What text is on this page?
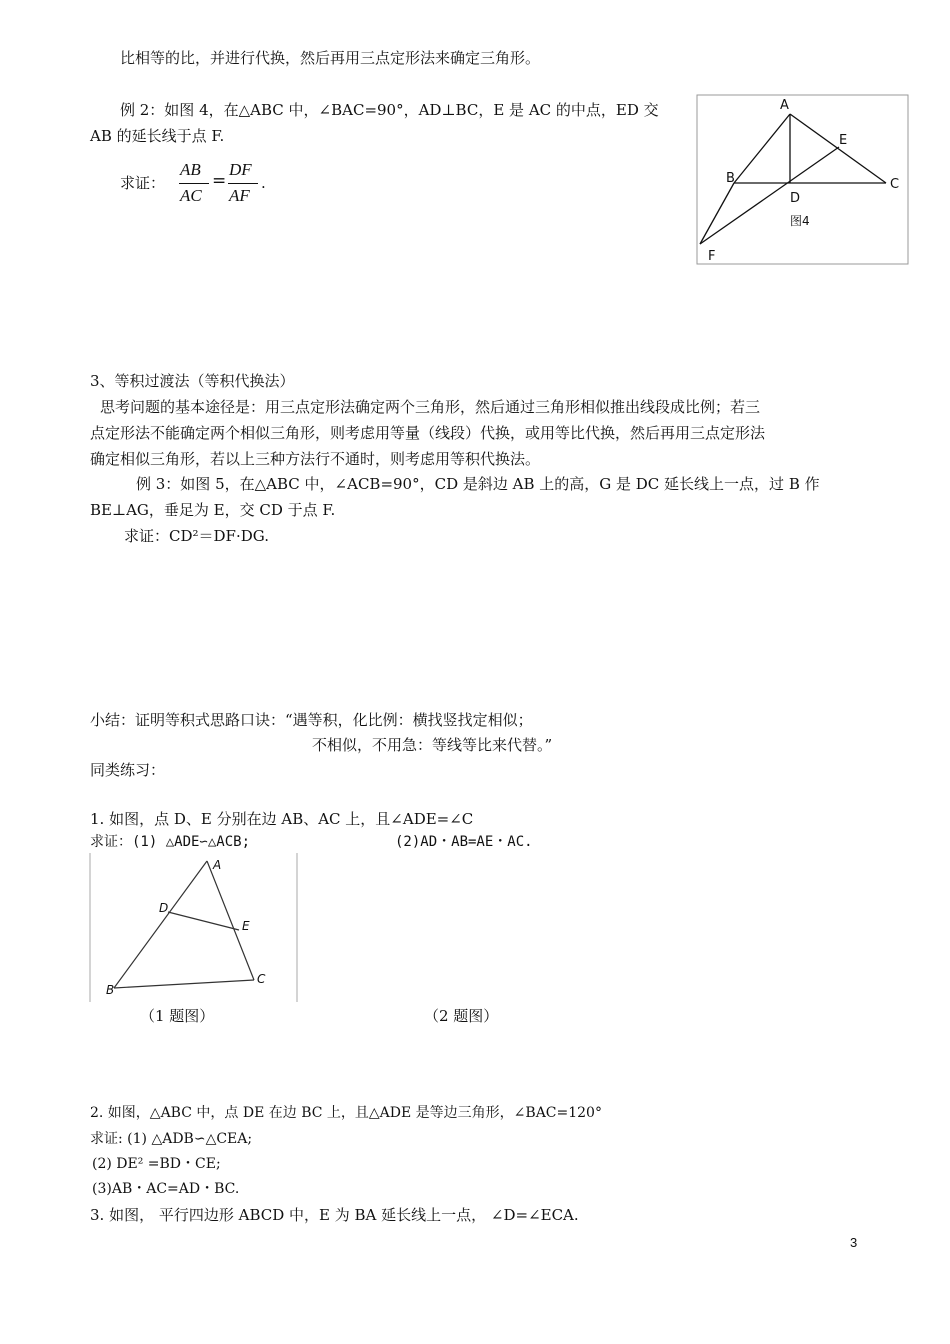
比相等的比，并进行代换，然后再用三点定形法来确定三角形。
例 2：如图 4，在△ABC 中，∠BAC=90°，AD⊥BC，E 是 AC 的中点，ED 交
AB 的延长线于点 F.
求证：
AB
AC
=
DF
AF
.
A
B	C
D
E
F
图4
3、等积过渡法（等积代换法）
思考问题的基本途径是：用三点定形法确定两个三角形，然后通过三角形相似推出线段成比例；若三
点定形法不能确定两个相似三角形，则考虑用等量（线段）代换，或用等比代换，然后再用三点定形法
确定相似三角形，若以上三种方法行不通时，则考虑用等积代换法。
例 3：如图 5，在△ABC 中，∠ACB=90°，CD 是斜边 AB 上的高，G 是 DC 延长线上一点，过 B 作
BE⊥AG，垂足为 E，交 CD 于点 F.
求证：CD²＝DF·DG.
小结：证明等积式思路口诀：“遇等积，化比例：横找竖找定相似；
不相似，不用急：等线等比来代替。”
同类练习：
1. 如图，点 D、E 分别在边 AB、AC 上，且∠ADE=∠C
求证：(1) △ADE∽△ACB;	(2)AD・AB=AE・AC.
A
D
E
B
C
（1 题图）	（2 题图）
2. 如图，△ABC 中，点 DE 在边 BC 上，且△ADE 是等边三角形，∠BAC=120°
求证: (1) △ADB∽△CEA;
(2) DE² =BD・CE;
(3)AB・AC=AD・BC.
3. 如图， 平行四边形 ABCD 中，E 为 BA 延长线上一点， ∠D=∠ECA.
3
